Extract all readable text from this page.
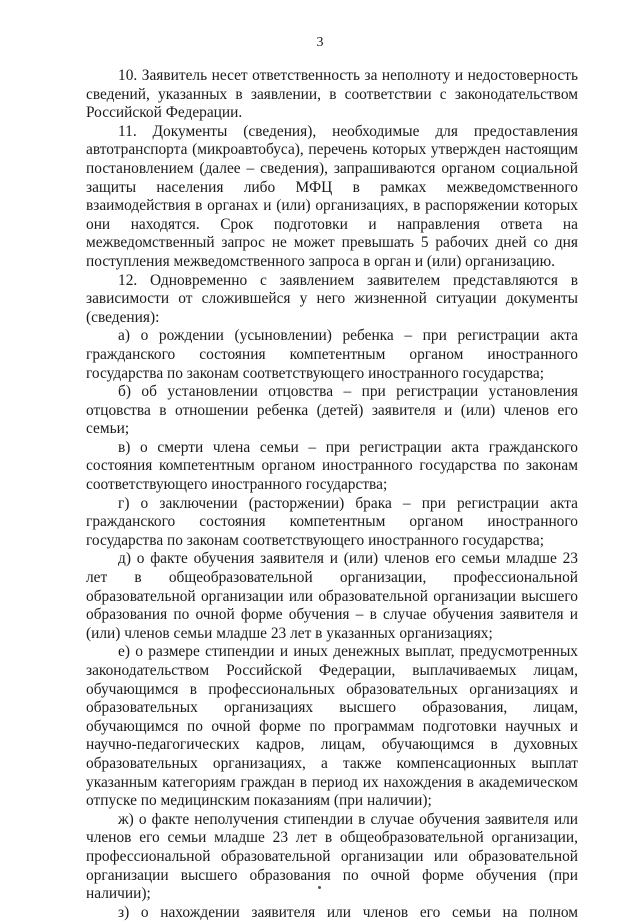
3

10. Заявитель несет ответственность за неполноту и недостоверность сведений, указанных в заявлении, в соответствии с законодательством Российской Федерации.

11. Документы (сведения), необходимые для предоставления автотранспорта (микроавтобуса), перечень которых утвержден настоящим постановлением (далее – сведения), запрашиваются органом социальной защиты населения либо МФЦ в рамках межведомственного взаимодействия в органах и (или) организациях, в распоряжении которых они находятся. Срок подготовки и направления ответа на межведомственный запрос не может превышать 5 рабочих дней со дня поступления межведомственного запроса в орган и (или) организацию.

12. Одновременно с заявлением заявителем представляются в зависимости от сложившейся у него жизненной ситуации документы (сведения):

а) о рождении (усыновлении) ребенка – при регистрации акта гражданского состояния компетентным органом иностранного государства по законам соответствующего иностранного государства;

б) об установлении отцовства – при регистрации установления отцовства в отношении ребенка (детей) заявителя и (или) членов его семьи;

в) о смерти члена семьи – при регистрации акта гражданского состояния компетентным органом иностранного государства по законам соответствующего иностранного государства;

г) о заключении (расторжении) брака – при регистрации акта гражданского состояния компетентным органом иностранного государства по законам соответствующего иностранного государства;

д) о факте обучения заявителя и (или) членов его семьи младше 23 лет в общеобразовательной организации, профессиональной образовательной организации или образовательной организации высшего образования по очной форме обучения – в случае обучения заявителя и (или) членов семьи младше 23 лет в указанных организациях;

е) о размере стипендии и иных денежных выплат, предусмотренных законодательством Российской Федерации, выплачиваемых лицам, обучающимся в профессиональных образовательных организациях и образовательных организациях высшего образования, лицам, обучающимся по очной форме по программам подготовки научных и научно-педагогических кадров, лицам, обучающимся в духовных образовательных организациях, а также компенсационных выплат указанным категориям граждан в период их нахождения в академическом отпуске по медицинским показаниям (при наличии);

ж) о факте неполучения стипендии в случае обучения заявителя или членов его семьи младше 23 лет в общеобразовательной организации, профессиональной образовательной организации или образовательной организации высшего образования по очной форме обучения (при наличии);

з) о нахождении заявителя или членов его семьи на полном
